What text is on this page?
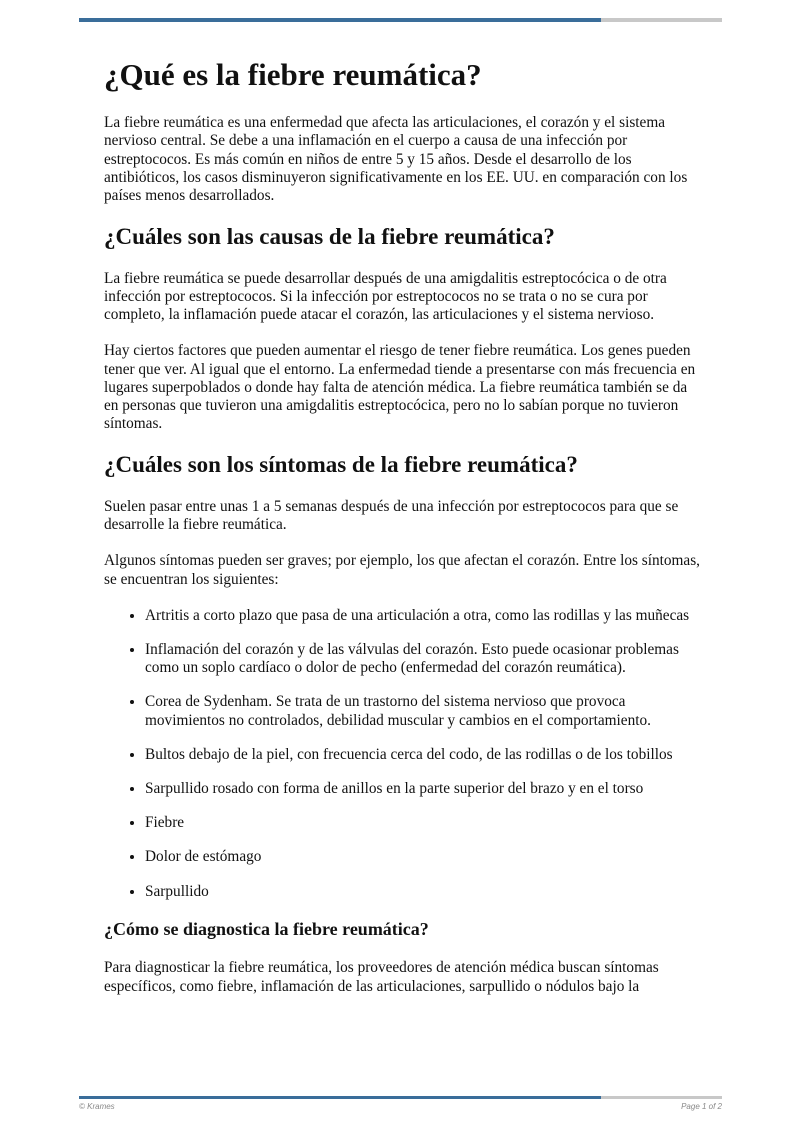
¿Qué es la fiebre reumática?

La fiebre reumática es una enfermedad que afecta las articulaciones, el corazón y el sistema nervioso central. Se debe a una inflamación en el cuerpo a causa de una infección por estreptococos. Es más común en niños de entre 5 y 15 años. Desde el desarrollo de los antibióticos, los casos disminuyeron significativamente en los EE. UU. en comparación con los países menos desarrollados.

¿Cuáles son las causas de la fiebre reumática?

La fiebre reumática se puede desarrollar después de una amigdalitis estreptocócica o de otra infección por estreptococos. Si la infección por estreptococos no se trata o no se cura por completo, la inflamación puede atacar el corazón, las articulaciones y el sistema nervioso.

Hay ciertos factores que pueden aumentar el riesgo de tener fiebre reumática. Los genes pueden tener que ver. Al igual que el entorno. La enfermedad tiende a presentarse con más frecuencia en lugares superpoblados o donde hay falta de atención médica. La fiebre reumática también se da en personas que tuvieron una amigdalitis estreptocócica, pero no lo sabían porque no tuvieron síntomas.

¿Cuáles son los síntomas de la fiebre reumática?

Suelen pasar entre unas 1 a 5 semanas después de una infección por estreptococos para que se desarrolle la fiebre reumática.

Algunos síntomas pueden ser graves; por ejemplo, los que afectan el corazón. Entre los síntomas, se encuentran los siguientes:

• Artritis a corto plazo que pasa de una articulación a otra, como las rodillas y las muñecas
• Inflamación del corazón y de las válvulas del corazón. Esto puede ocasionar problemas como un soplo cardíaco o dolor de pecho (enfermedad del corazón reumática).
• Corea de Sydenham. Se trata de un trastorno del sistema nervioso que provoca movimientos no controlados, debilidad muscular y cambios en el comportamiento.
• Bultos debajo de la piel, con frecuencia cerca del codo, de las rodillas o de los tobillos
• Sarpullido rosado con forma de anillos en la parte superior del brazo y en el torso
• Fiebre
• Dolor de estómago
• Sarpullido
¿Cómo se diagnostica la fiebre reumática?

Para diagnosticar la fiebre reumática, los proveedores de atención médica buscan síntomas específicos, como fiebre, inflamación de las articulaciones, sarpullido o nódulos bajo la

© Krames	Page 1 of 2
